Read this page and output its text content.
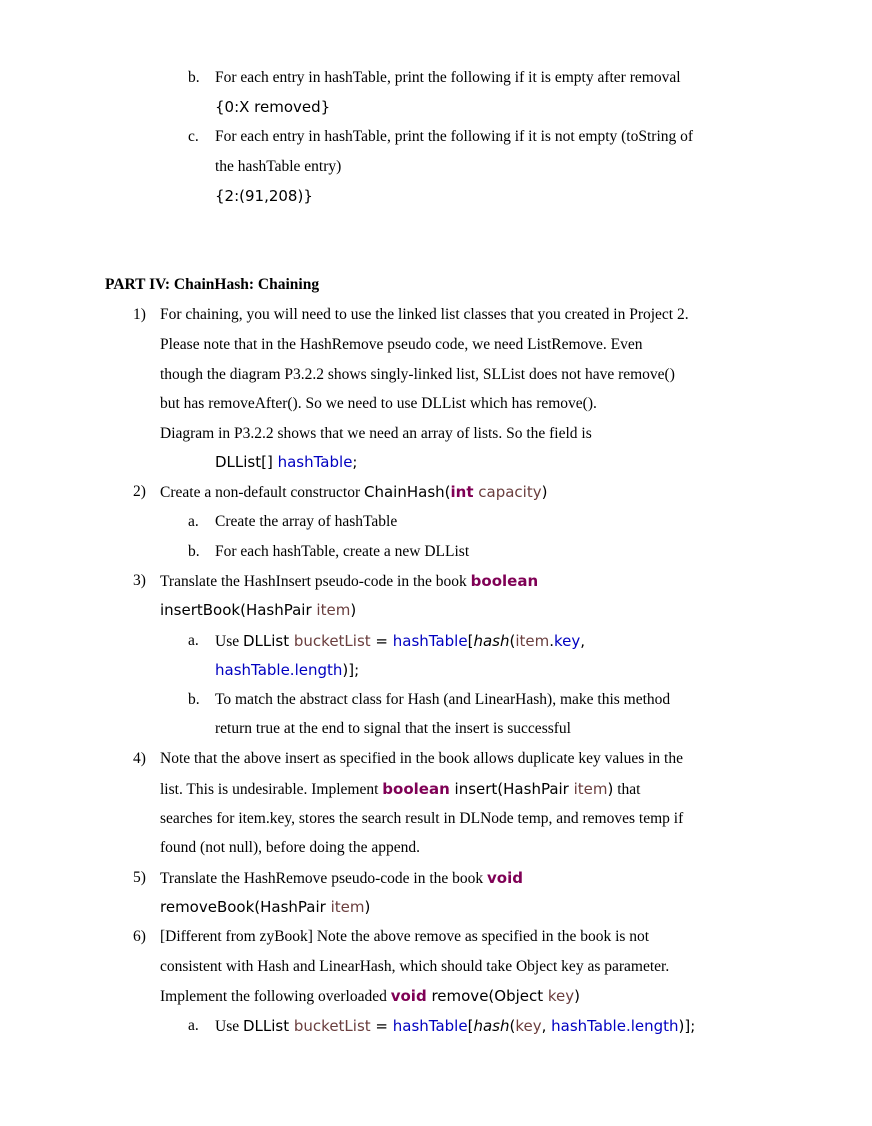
b. For each entry in hashTable, print the following if it is empty after removal
{0:X removed}
c. For each entry in hashTable, print the following if it is not empty (toString of
the hashTable entry)
{2:(91,208)}
PART IV: ChainHash: Chaining
1) For chaining, you will need to use the linked list classes that you created in Project 2.
Please note that in the HashRemove pseudo code, we need ListRemove. Even
though the diagram P3.2.2 shows singly-linked list, SLList does not have remove()
but has removeAfter(). So we need to use DLList which has remove().
Diagram in P3.2.2 shows that we need an array of lists. So the field is
DLList[] hashTable;
2) Create a non-default constructor ChainHash(int capacity)
a. Create the array of hashTable
b. For each hashTable, create a new DLList
3) Translate the HashInsert pseudo-code in the book boolean
insertBook(HashPair item)
a. Use DLList bucketList = hashTable[hash(item.key,
hashTable.length)];
b. To match the abstract class for Hash (and LinearHash), make this method
return true at the end to signal that the insert is successful
4) Note that the above insert as specified in the book allows duplicate key values in the
list. This is undesirable. Implement boolean insert(HashPair item) that
searches for item.key, stores the search result in DLNode temp, and removes temp if
found (not null), before doing the append.
5) Translate the HashRemove pseudo-code in the book void
removeBook(HashPair item)
6) [Different from zyBook] Note the above remove as specified in the book is not
consistent with Hash and LinearHash, which should take Object key as parameter.
Implement the following overloaded void remove(Object key)
a. Use DLList bucketList = hashTable[hash(key, hashTable.length)];
